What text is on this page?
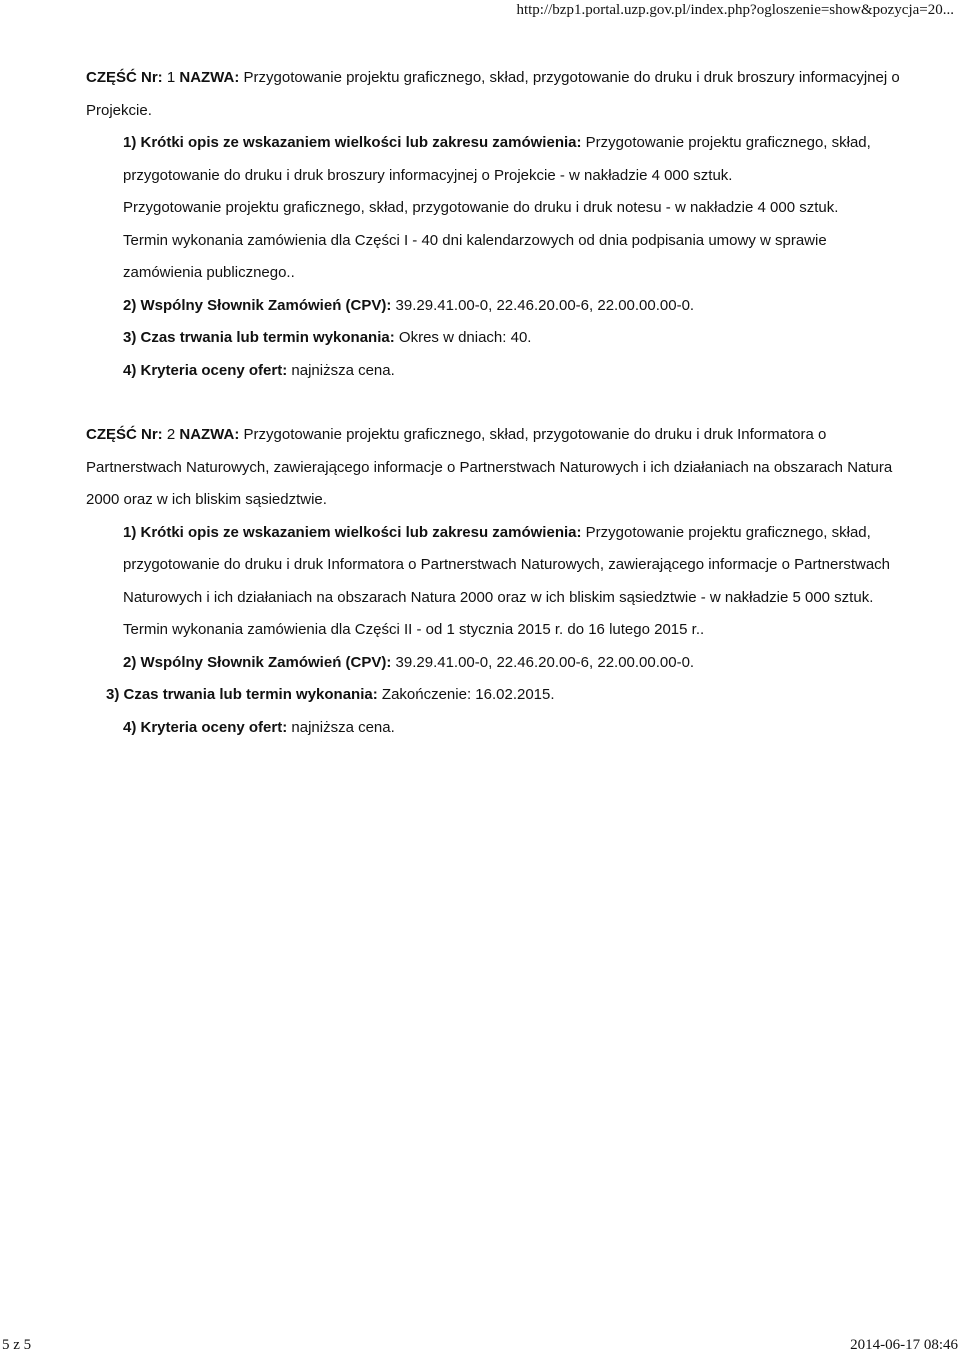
http://bzp1.portal.uzp.gov.pl/index.php?ogloszenie=show&pozycja=20...

CZĘŚĆ Nr: 1 NAZWA: Przygotowanie projektu graficznego, skład, przygotowanie do druku i druk broszury informacyjnej o Projekcie.

1) Krótki opis ze wskazaniem wielkości lub zakresu zamówienia: Przygotowanie projektu graficznego, skład, przygotowanie do druku i druk broszury informacyjnej o Projekcie - w nakładzie 4 000 sztuk.

Przygotowanie projektu graficznego, skład, przygotowanie do druku i druk notesu - w nakładzie 4 000 sztuk.

Termin wykonania zamówienia dla Części I - 40 dni kalendarzowych od dnia podpisania umowy w sprawie zamówienia publicznego..

2) Wspólny Słownik Zamówień (CPV): 39.29.41.00-0, 22.46.20.00-6, 22.00.00.00-0.

3) Czas trwania lub termin wykonania: Okres w dniach: 40.

4) Kryteria oceny ofert: najniższa cena.

CZĘŚĆ Nr: 2 NAZWA: Przygotowanie projektu graficznego, skład, przygotowanie do druku i druk Informatora o Partnerstwach Naturowych, zawierającego informacje o Partnerstwach Naturowych i ich działaniach na obszarach Natura 2000 oraz w ich bliskim sąsiedztwie.

1) Krótki opis ze wskazaniem wielkości lub zakresu zamówienia: Przygotowanie projektu graficznego, skład, przygotowanie do druku i druk Informatora o Partnerstwach Naturowych, zawierającego informacje o Partnerstwach Naturowych i ich działaniach na obszarach Natura 2000 oraz w ich bliskim sąsiedztwie - w nakładzie 5 000 sztuk. Termin wykonania zamówienia dla Części II - od 1 stycznia 2015 r. do 16 lutego 2015 r..

2) Wspólny Słownik Zamówień (CPV): 39.29.41.00-0, 22.46.20.00-6, 22.00.00.00-0.

3) Czas trwania lub termin wykonania: Zakończenie: 16.02.2015.

4) Kryteria oceny ofert: najniższa cena.

5 z 5	2014-06-17 08:46
